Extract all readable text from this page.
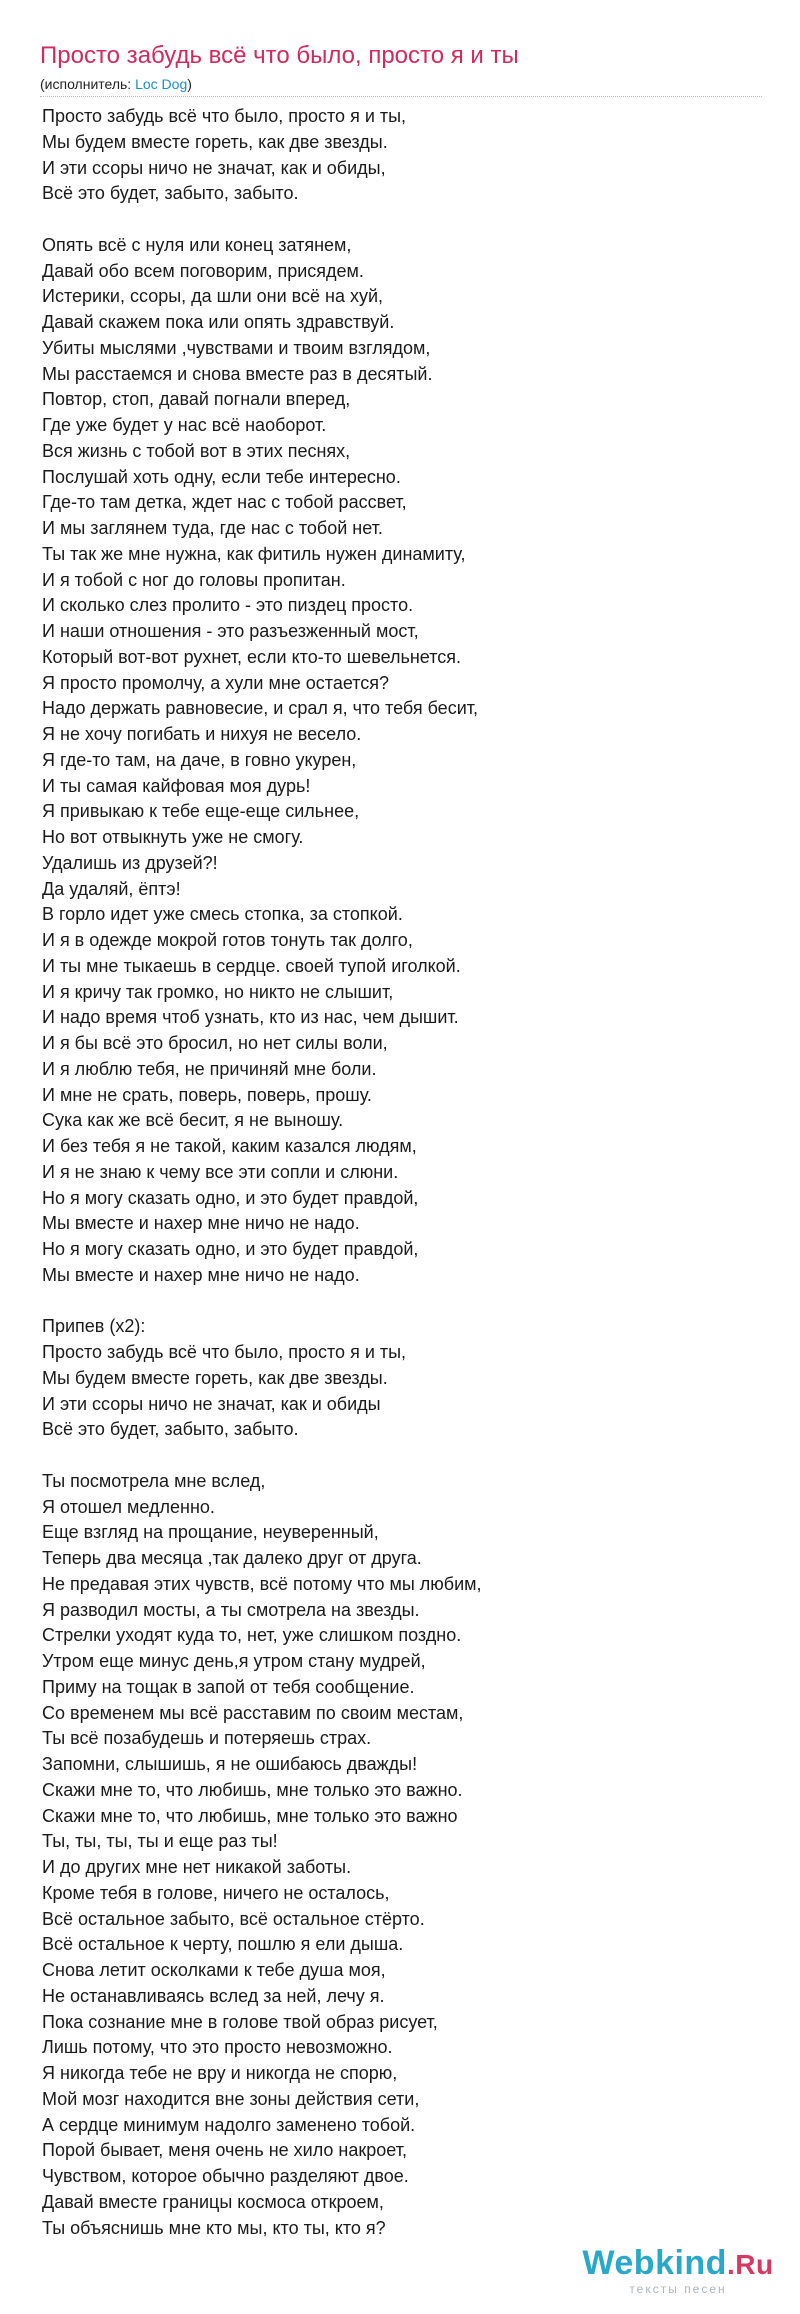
Просто забудь всё что было, просто я и ты
(исполнитель: Loc Dog)
Просто забудь всё что было, просто я и ты,
Мы будем вместе гореть, как две звезды.
И эти ссоры ничо не значат, как и обиды,
Всё это будет, забыто, забыто.
Опять всё с нуля или конец затянем,
Давай обо всем поговорим, присядем.
Истерики, ссоры, да шли они всё на хуй,
Давай скажем пока или опять здравствуй.
Убиты мыслями ,чувствами и твоим взглядом,
Мы расстаемся и снова вместе раз в десятый.
Повтор, стоп, давай погнали вперед,
Где уже будет у нас всё наоборот.
Вся жизнь с тобой вот в этих песнях,
Послушай хоть одну, если тебе интересно.
Где-то там детка, ждет нас с тобой рассвет,
И мы заглянем туда, где нас с тобой нет.
Ты так же мне нужна, как фитиль нужен динамиту,
И я тобой с ног до головы пропитан.
И сколько слез пролито - это пиздец просто.
И наши отношения - это разъезженный мост,
Который вот-вот рухнет, если кто-то шевельнется.
Я просто промолчу, а хули мне остается?
Надо держать равновесие, и срал я, что тебя бесит,
Я не хочу погибать и нихуя не весело.
Я где-то там, на даче, в говно укурен,
И ты самая кайфовая моя дурь!
Я привыкаю к тебе еще-еще сильнее,
Но вот отвыкнуть уже не смогу.
Удалишь из друзей?!
Да удаляй, ёптэ!
В горло идет уже смесь стопка, за стопкой.
И я в одежде мокрой готов тонуть так долго,
И ты мне тыкаешь в сердце. своей тупой иголкой.
И я кричу так громко, но никто не слышит,
И надо время чтоб узнать, кто из нас, чем дышит.
И я бы всё это бросил, но нет силы воли,
И я люблю тебя, не причиняй мне боли.
И мне не срать, поверь, поверь, прошу.
Сука как же всё бесит, я не выношу.
И без тебя я не такой, каким казался людям,
И я не знаю к чему все эти сопли и слюни.
Но я могу сказать одно, и это будет правдой,
Мы вместе и нахер мне ничо не надо.
Но я могу сказать одно, и это будет правдой,
Мы вместе и нахер мне ничо не надо.
Припев (x2):
Просто забудь всё что было, просто я и ты,
Мы будем вместе гореть, как две звезды.
И эти ссоры ничо не значат, как и обиды
Всё это будет, забыто, забыто.
Ты посмотрела мне вслед,
Я отошел медленно.
Еще взгляд на прощание, неуверенный,
Теперь два месяца ,так далеко друг от друга.
Не предавая этих чувств, всё потому что мы любим,
Я разводил мосты, а ты смотрела на звезды.
Стрелки уходят куда то, нет, уже слишком поздно.
Утром еще минус день,я утром стану мудрей,
Приму на тощак в запой от тебя сообщение.
Со временем мы всё расставим по своим местам,
Ты всё позабудешь и потеряешь страх.
Запомни, слышишь, я не ошибаюсь дважды!
Скажи мне то, что любишь, мне только это важно.
Скажи мне то, что любишь, мне только это важно
Ты, ты, ты, ты и еще раз ты!
И до других мне нет никакой заботы.
Кроме тебя в голове, ничего не осталось,
Всё остальное забыто, всё остальное стёрто.
Всё остальное к черту, пошлю я ели дыша.
Снова летит осколками к тебе душа моя,
Не останавливаясь вслед за ней, лечу я.
Пока сознание мне в голове твой образ рисует,
Лишь потому, что это просто невозможно.
Я никогда тебе не вру и никогда не спорю,
Мой мозг находится вне зоны действия сети,
А сердце минимум надолго заменено тобой.
Порой бывает, меня очень не хило накроет,
Чувством, которое обычно разделяют двое.
Давай вместе границы космоса откроем,
Ты объяснишь мне кто мы, кто ты, кто я?
Webkind.Ru
тексты песен
